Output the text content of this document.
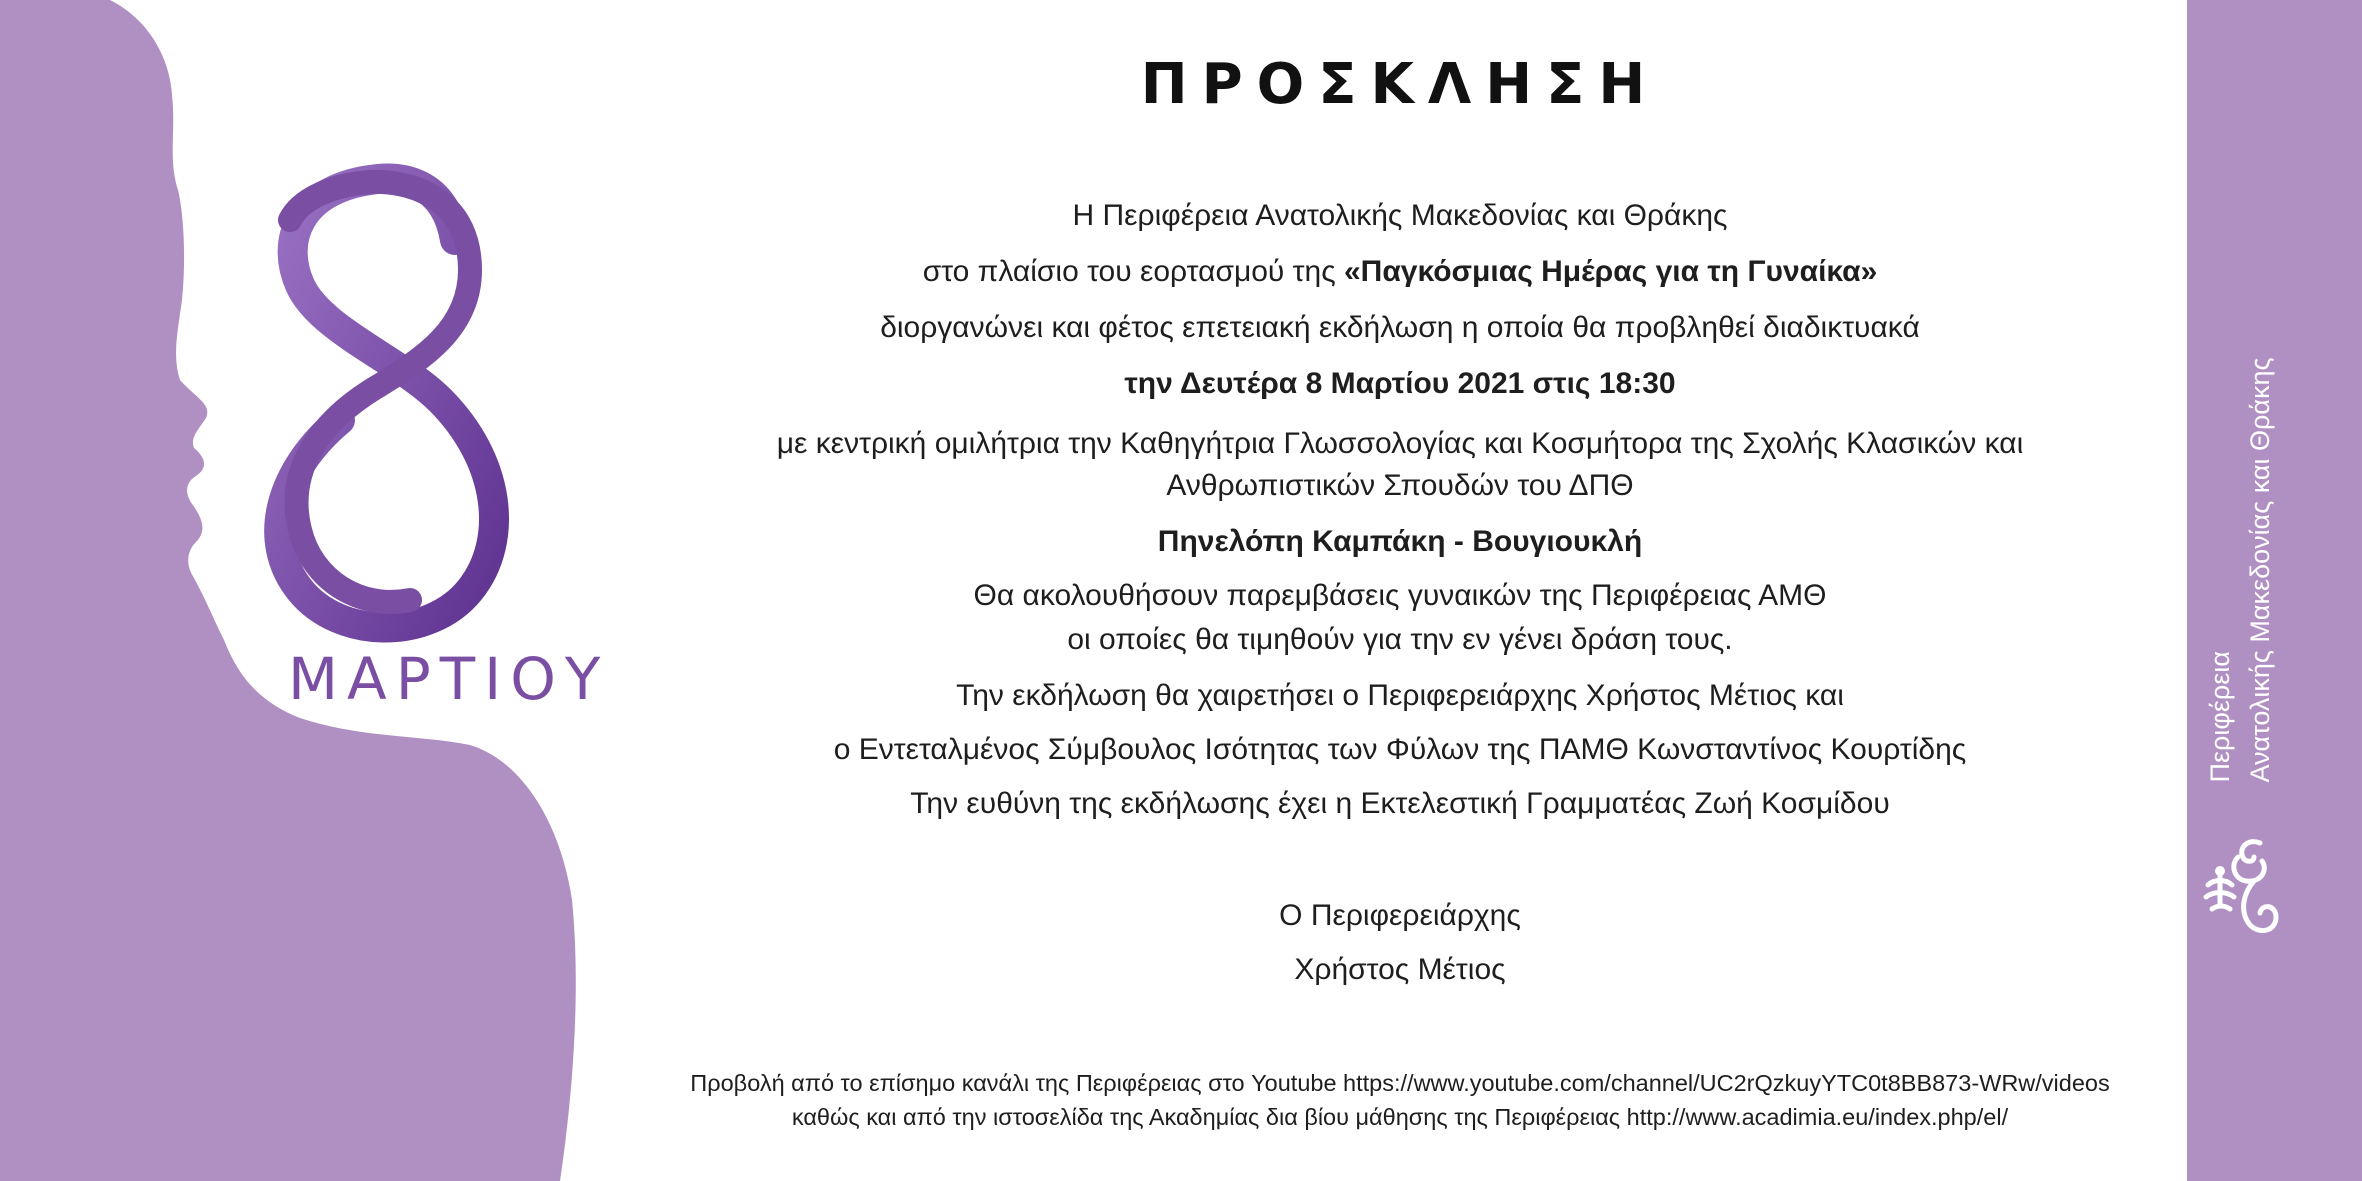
ΜΑΡΤΙΟΥ	Περιφέρεια Ανατολικής Μακεδονίας και Θράκης
ΠΡΟΣΚΛΗΣΗ
Η Περιφέρεια Ανατολικής Μακεδονίας και Θράκης
στο πλαίσιο του εορτασμού της «Παγκόσμιας Ημέρας για τη Γυναίκα»
διοργανώνει και φέτος επετειακή εκδήλωση η οποία θα προβληθεί διαδικτυακά
την Δευτέρα 8 Μαρτίου 2021 στις 18:30
με κεντρική ομιλήτρια την Καθηγήτρια Γλωσσολογίας και Κοσμήτορα της Σχολής Κλασικών και
Ανθρωπιστικών Σπουδών του ΔΠΘ
Πηνελόπη Καμπάκη - Βουγιουκλή
Θα ακολουθήσουν παρεμβάσεις γυναικών της Περιφέρειας ΑΜΘ
οι οποίες θα τιμηθούν για την εν γένει δράση τους.
Την εκδήλωση θα χαιρετήσει ο Περιφερειάρχης Χρήστος Μέτιος και
ο Εντεταλμένος Σύμβουλος Ισότητας των Φύλων της ΠΑΜΘ Κωνσταντίνος Κουρτίδης
Την ευθύνη της εκδήλωσης έχει η Εκτελεστική Γραμματέας Ζωή Κοσμίδου
Ο Περιφερειάρχης
Χρήστος Μέτιος
Προβολή από το επίσημο κανάλι της Περιφέρειας στο Youtube https://www.youtube.com/channel/UC2rQzkuyYTC0t8BB873-WRw/videos
καθώς και από την ιστοσελίδα της Ακαδημίας δια βίου μάθησης της Περιφέρειας http://www.acadimia.eu/index.php/el/
